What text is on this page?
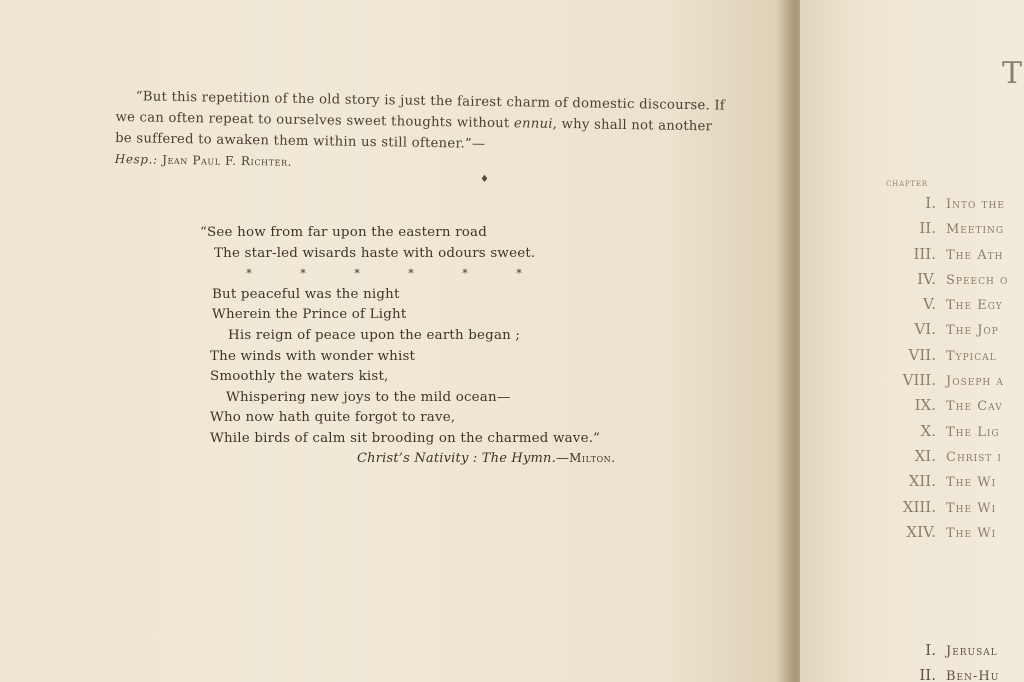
“But this repetition of the old story is just the fairest charm of domestic discourse. If we can often repeat to ourselves sweet thoughts without ennui, why shall not another be suffered to awaken them within us still oftener.”—

Hesp.: Jean Paul F. Richter.
♦
“See how from far upon the eastern road
The star-led wisards haste with odours sweet.
*	*	*	*	*	*
But peaceful was the night
Wherein the Prince of Light
His reign of peace upon the earth began ;
The winds with wonder whist
Smoothly the waters kist,
Whispering new joys to the mild ocean—
Who now hath quite forgot to rave,
While birds of calm sit brooding on the charmed wave.”
Christ’s Nativity : The Hymn.—Milton.
T
CHAPTER
I. Into the
II. Meeting
III. The Ath
IV. Speech o
V. The Egy
VI. The Jop
VII. Typical
VIII. Joseph a
IX. The Cav
X. The Lig
XI. Christ i
XII. The Wi
XIII. The Wi
XIV. The Wi
I. Jerusal
II. Ben-Hu
